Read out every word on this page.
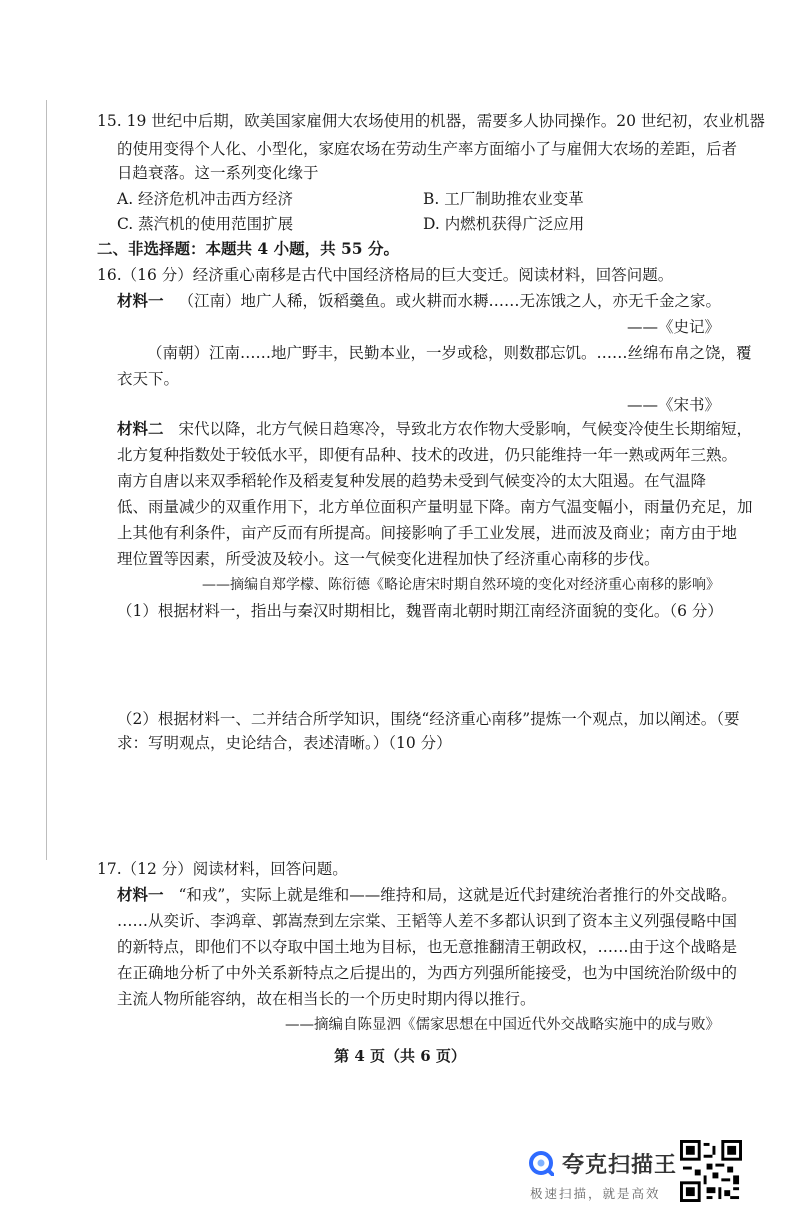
15. 19 世纪中后期，欧美国家雇佣大农场使用的机器，需要多人协同操作。20 世纪初，农业机器
的使用变得个人化、小型化，家庭农场在劳动生产率方面缩小了与雇佣大农场的差距，后者
日趋衰落。这一系列变化缘于
A. 经济危机冲击西方经济	B. 工厂制助推农业变革
C. 蒸汽机的使用范围扩展	D. 内燃机获得广泛应用
二、非选择题：本题共 4 小题，共 55 分。
16.（16 分）经济重心南移是古代中国经济格局的巨大变迁。阅读材料，回答问题。
材料一 （江南）地广人稀，饭稻羹鱼。或火耕而水耨……无冻饿之人，亦无千金之家。
——《史记》
（南朝）江南……地广野丰，民勤本业，一岁或稔，则数郡忘饥。……丝绵布帛之饶，覆
衣天下。
——《宋书》
材料二 宋代以降，北方气候日趋寒冷，导致北方农作物大受影响，气候变冷使生长期缩短，
北方复种指数处于较低水平，即便有品种、技术的改进，仍只能维持一年一熟或两年三熟。
南方自唐以来双季稻轮作及稻麦复种发展的趋势未受到气候变冷的太大阻遏。在气温降
低、雨量减少的双重作用下，北方单位面积产量明显下降。南方气温变幅小，雨量仍充足，加
上其他有利条件，亩产反而有所提高。间接影响了手工业发展，进而波及商业；南方由于地
理位置等因素，所受波及较小。这一气候变化进程加快了经济重心南移的步伐。
——摘编自郑学檬、陈衍德《略论唐宋时期自然环境的变化对经济重心南移的影响》
（1）根据材料一，指出与秦汉时期相比，魏晋南北朝时期江南经济面貌的变化。（6 分）
（2）根据材料一、二并结合所学知识，围绕“经济重心南移”提炼一个观点，加以阐述。（要
求：写明观点，史论结合，表述清晰。）（10 分）
17.（12 分）阅读材料，回答问题。
材料一 “和戎”，实际上就是维和——维持和局，这就是近代封建统治者推行的外交战略。
……从奕䜣、李鸿章、郭嵩焘到左宗棠、王韬等人差不多都认识到了资本主义列强侵略中国
的新特点，即他们不以夺取中国土地为目标，也无意推翻清王朝政权，……由于这个战略是
在正确地分析了中外关系新特点之后提出的，为西方列强所能接受，也为中国统治阶级中的
主流人物所能容纳，故在相当长的一个历史时期内得以推行。
——摘编自陈显泗《儒家思想在中国近代外交战略实施中的成与败》
第 4 页（共 6 页）
夸克扫描王
极速扫描，就是高效
